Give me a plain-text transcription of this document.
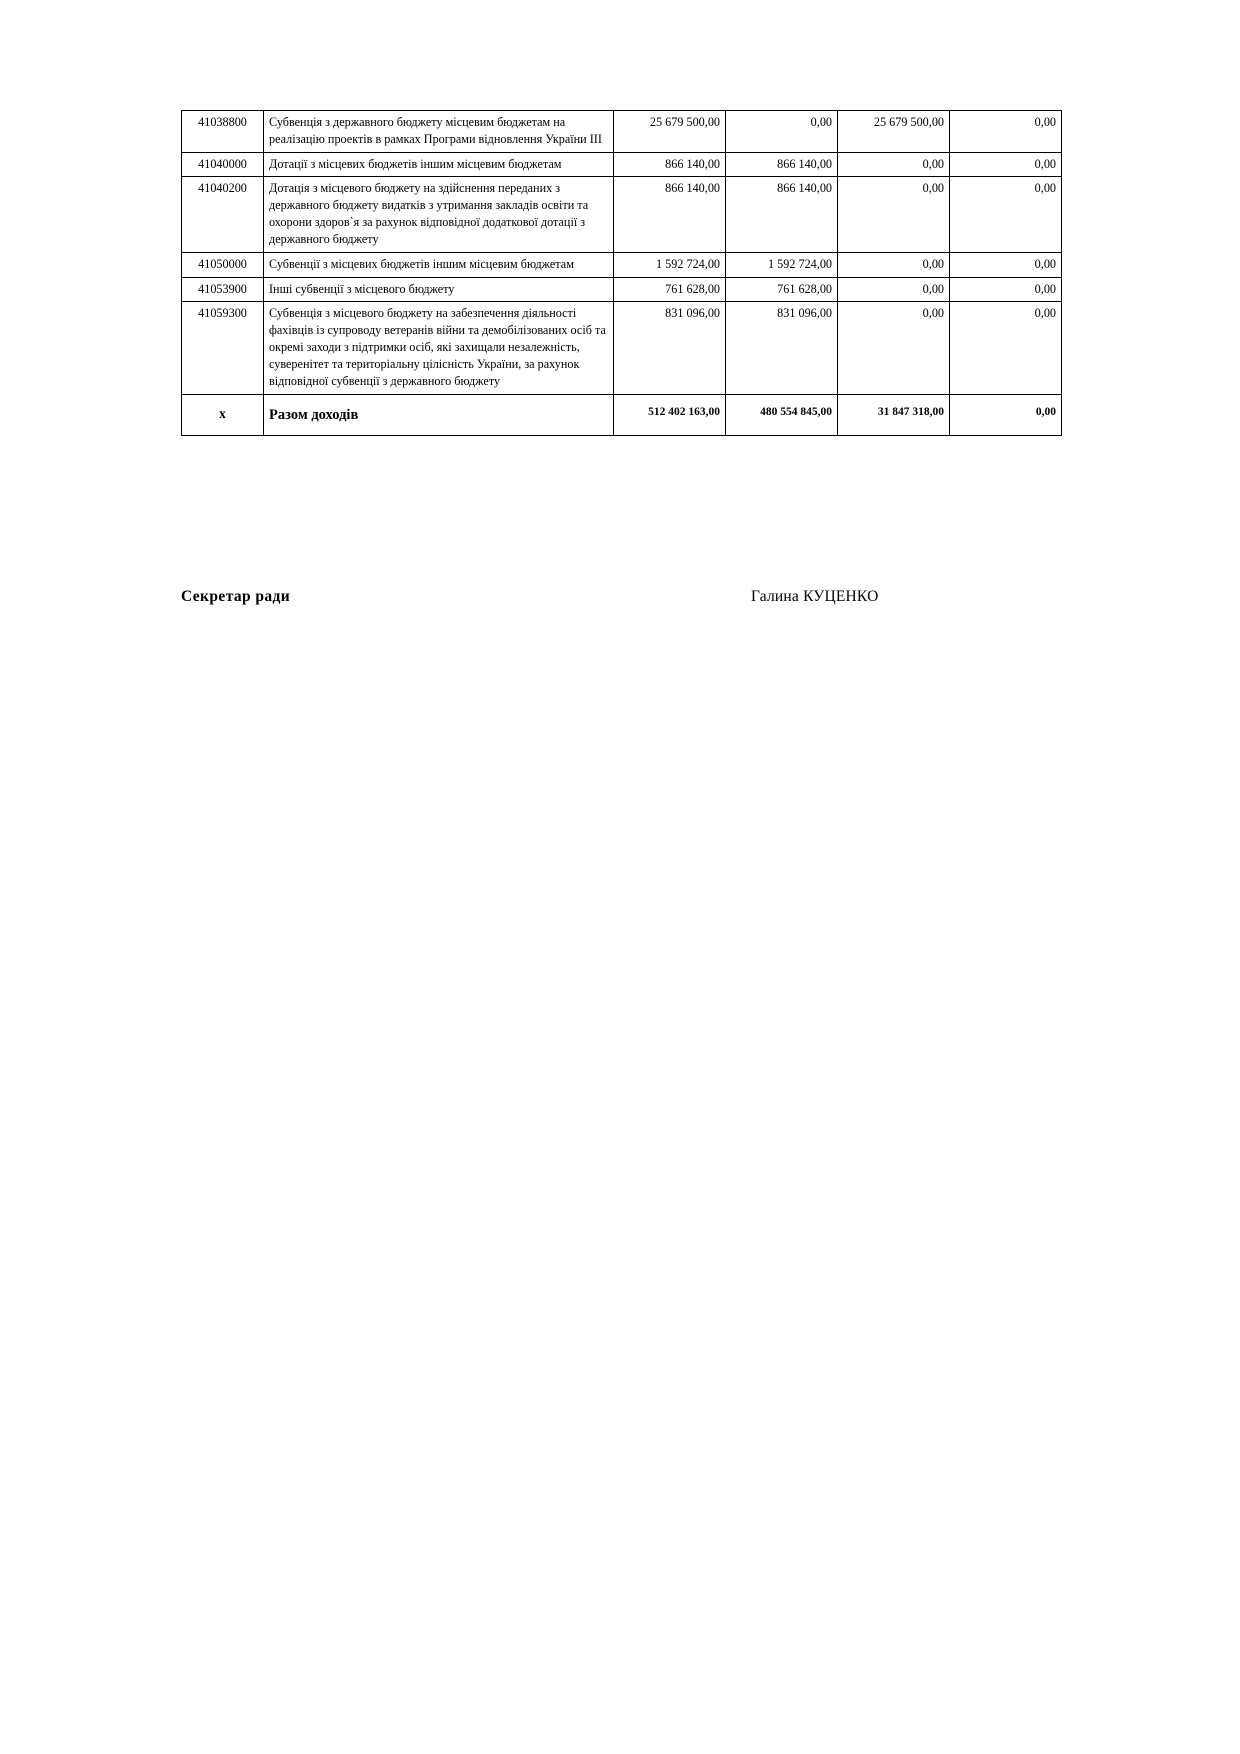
41038800	Субвенція з державного бюджету місцевим бюджетам на реалізацію проектів в рамках Програми відновлення України ІІІ	25 679 500,00	0,00	25 679 500,00	0,00
41040000	Дотації з місцевих бюджетів іншим місцевим бюджетам	866 140,00	866 140,00	0,00	0,00
41040200	Дотація з місцевого бюджету на здійснення переданих з державного бюджету видатків з утримання закладів освіти та охорони здоров`я за рахунок відповідної додаткової дотації з державного бюджету	866 140,00	866 140,00	0,00	0,00
41050000	Субвенції з місцевих бюджетів іншим місцевим бюджетам	1 592 724,00	1 592 724,00	0,00	0,00
41053900	Інші субвенції з місцевого бюджету	761 628,00	761 628,00	0,00	0,00
41059300	Субвенція з місцевого бюджету на забезпечення діяльності фахівців із супроводу ветеранів війни та демобілізованих осіб та окремі заходи з підтримки осіб, які захищали незалежність, суверенітет та територіальну цілісність України, за рахунок відповідної субвенції з державного бюджету	831 096,00	831 096,00	0,00	0,00
х	Разом доходів	512 402 163,00	480 554 845,00	31 847 318,00	0,00
Секретар ради	Галина КУЦЕНКО
